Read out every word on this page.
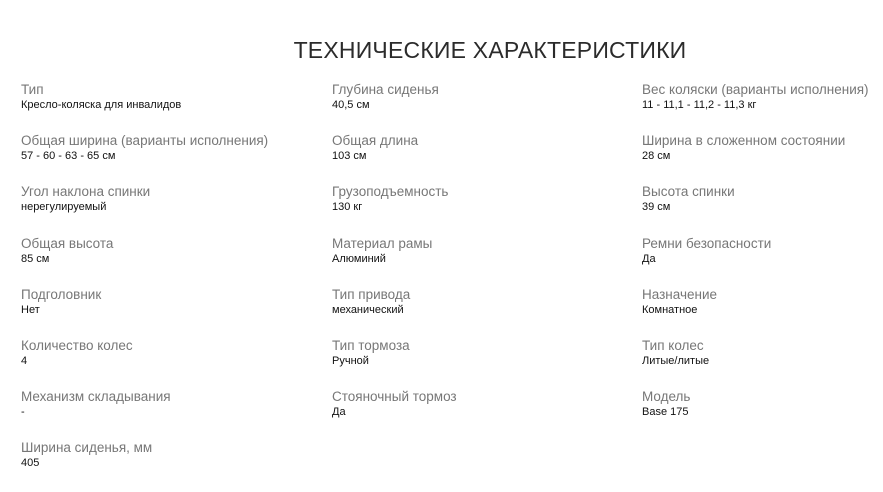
ТЕХНИЧЕСКИЕ ХАРАКТЕРИСТИКИ
Тип
Кресло-коляска для инвалидов
Общая ширина (варианты исполнения)
57 - 60 - 63 - 65 см
Угол наклона спинки
нерегулируемый
Общая высота
85 см
Подголовник
Нет
Количество колес
4
Механизм складывания
-
Ширина сиденья, мм
405
Глубина сиденья
40,5 см
Общая длина
103 см
Грузоподъемность
130 кг
Материал рамы
Алюминий
Тип привода
механический
Тип тормоза
Ручной
Стояночный тормоз
Да
Вес коляски (варианты исполнения)
11 - 11,1 - 11,2 - 11,3 кг
Ширина в сложенном состоянии
28 см
Высота спинки
39 см
Ремни безопасности
Да
Назначение
Комнатное
Тип колес
Литые/литые
Модель
Base 175
